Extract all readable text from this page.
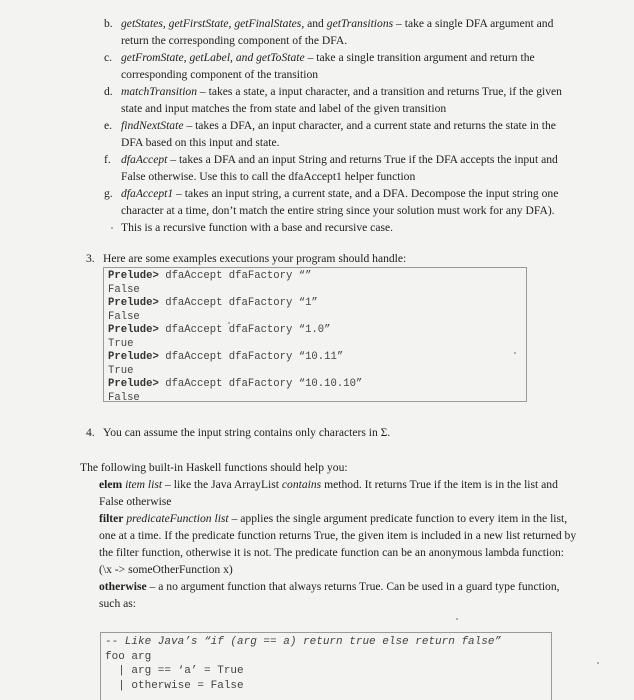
b. getStates, getFirstState, getFinalStates, and getTransitions – take a single DFA argument and return the corresponding component of the DFA.
c. getFromState, getLabel, and getToState – take a single transition argument and return the corresponding component of the transition
d. matchTransition – takes a state, a input character, and a transition and returns True, if the given state and input matches the from state and label of the given transition
e. findNextState – takes a DFA, an input character, and a current state and returns the state in the DFA based on this input and state.
f. dfaAccept – takes a DFA and an input String and returns True if the DFA accepts the input and False otherwise. Use this to call the dfaAccept1 helper function
g. dfaAccept1 – takes an input string, a current state, and a DFA. Decompose the input string one character at a time, don’t match the entire string since your solution must work for any DFA). This is a recursive function with a base and recursive case.
3. Here are some examples executions your program should handle:
Prelude> dfaAccept dfaFactory “”
False
Prelude> dfaAccept dfaFactory “1”
False
Prelude> dfaAccept dfaFactory “1.0”
True
Prelude> dfaAccept dfaFactory “10.11”
True
Prelude> dfaAccept dfaFactory “10.10.10”
False
4. You can assume the input string contains only characters in Σ.
The following built-in Haskell functions should help you:
elem item list – like the Java ArrayList contains method. It returns True if the item is in the list and False otherwise
filter predicateFunction list – applies the single argument predicate function to every item in the list, one at a time. If the predicate function returns True, the given item is included in a new list returned by the filter function, otherwise it is not. The predicate function can be an anonymous lambda function: (\x -> someOtherFunction x)
otherwise – a no argument function that always returns True. Can be used in a guard type function, such as:
-- Like Java’s “if (arg == a) return true else return false”
foo arg
| arg == ‘a’ = True
| otherwise = False
